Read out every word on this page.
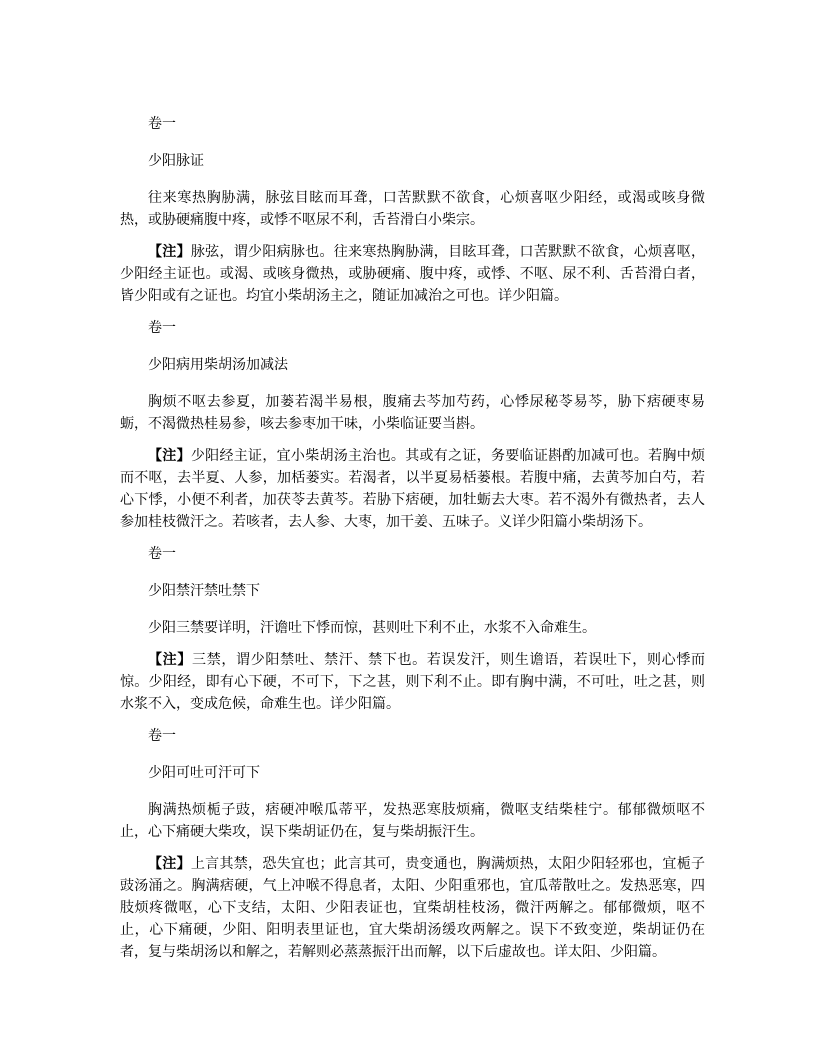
卷一

少阳脉证

往来寒热胸胁满，脉弦目眩而耳聋，口苦默默不欲食，心烦喜呕少阳经，或渴或咳身微热，或胁硬痛腹中疼，或悸不呕尿不利，舌苔滑白小柴宗。

【注】脉弦，谓少阳病脉也。往来寒热胸胁满，目眩耳聋，口苦默默不欲食，心烦喜呕，少阳经主证也。或渴、或咳身微热，或胁硬痛、腹中疼，或悸、不呕、尿不利、舌苔滑白者，皆少阳或有之证也。均宜小柴胡汤主之，随证加减治之可也。详少阳篇。

卷一

少阳病用柴胡汤加减法

胸烦不呕去参夏，加蒌若渴半易根，腹痛去芩加芍药，心悸尿秘苓易芩，胁下痞硬枣易蛎，不渴微热桂易参，咳去参枣加干味，小柴临证要当斟。

【注】少阳经主证，宜小柴胡汤主治也。其或有之证，务要临证斟酌加减可也。若胸中烦而不呕，去半夏、人参，加栝蒌实。若渴者，以半夏易栝蒌根。若腹中痛，去黄芩加白芍，若心下悸，小便不利者，加茯苓去黄芩。若胁下痞硬，加牡蛎去大枣。若不渴外有微热者，去人参加桂枝微汗之。若咳者，去人参、大枣，加干姜、五味子。义详少阳篇小柴胡汤下。

卷一

少阳禁汗禁吐禁下

少阳三禁要详明，汗谵吐下悸而惊，甚则吐下利不止，水浆不入命难生。

【注】三禁，谓少阳禁吐、禁汗、禁下也。若误发汗，则生谵语，若误吐下，则心悸而惊。少阳经，即有心下硬，不可下，下之甚，则下利不止。即有胸中满，不可吐，吐之甚，则水浆不入，变成危候，命难生也。详少阳篇。

卷一

少阳可吐可汗可下

胸满热烦栀子豉，痞硬冲喉瓜蒂平，发热恶寒肢烦痛，微呕支结柴桂宁。郁郁微烦呕不止，心下痛硬大柴攻，误下柴胡证仍在，复与柴胡振汗生。

【注】上言其禁，恐失宜也；此言其可，贵变通也，胸满烦热，太阳少阳轻邪也，宜栀子豉汤涌之。胸满痞硬，气上冲喉不得息者，太阳、少阳重邪也，宜瓜蒂散吐之。发热恶寒，四肢烦疼微呕，心下支结，太阳、少阳表证也，宜柴胡桂枝汤，微汗两解之。郁郁微烦，呕不止，心下痛硬，少阳、阳明表里证也，宜大柴胡汤缓攻两解之。误下不致变逆，柴胡证仍在者，复与柴胡汤以和解之，若解则必蒸蒸振汗出而解，以下后虚故也。详太阳、少阳篇。
